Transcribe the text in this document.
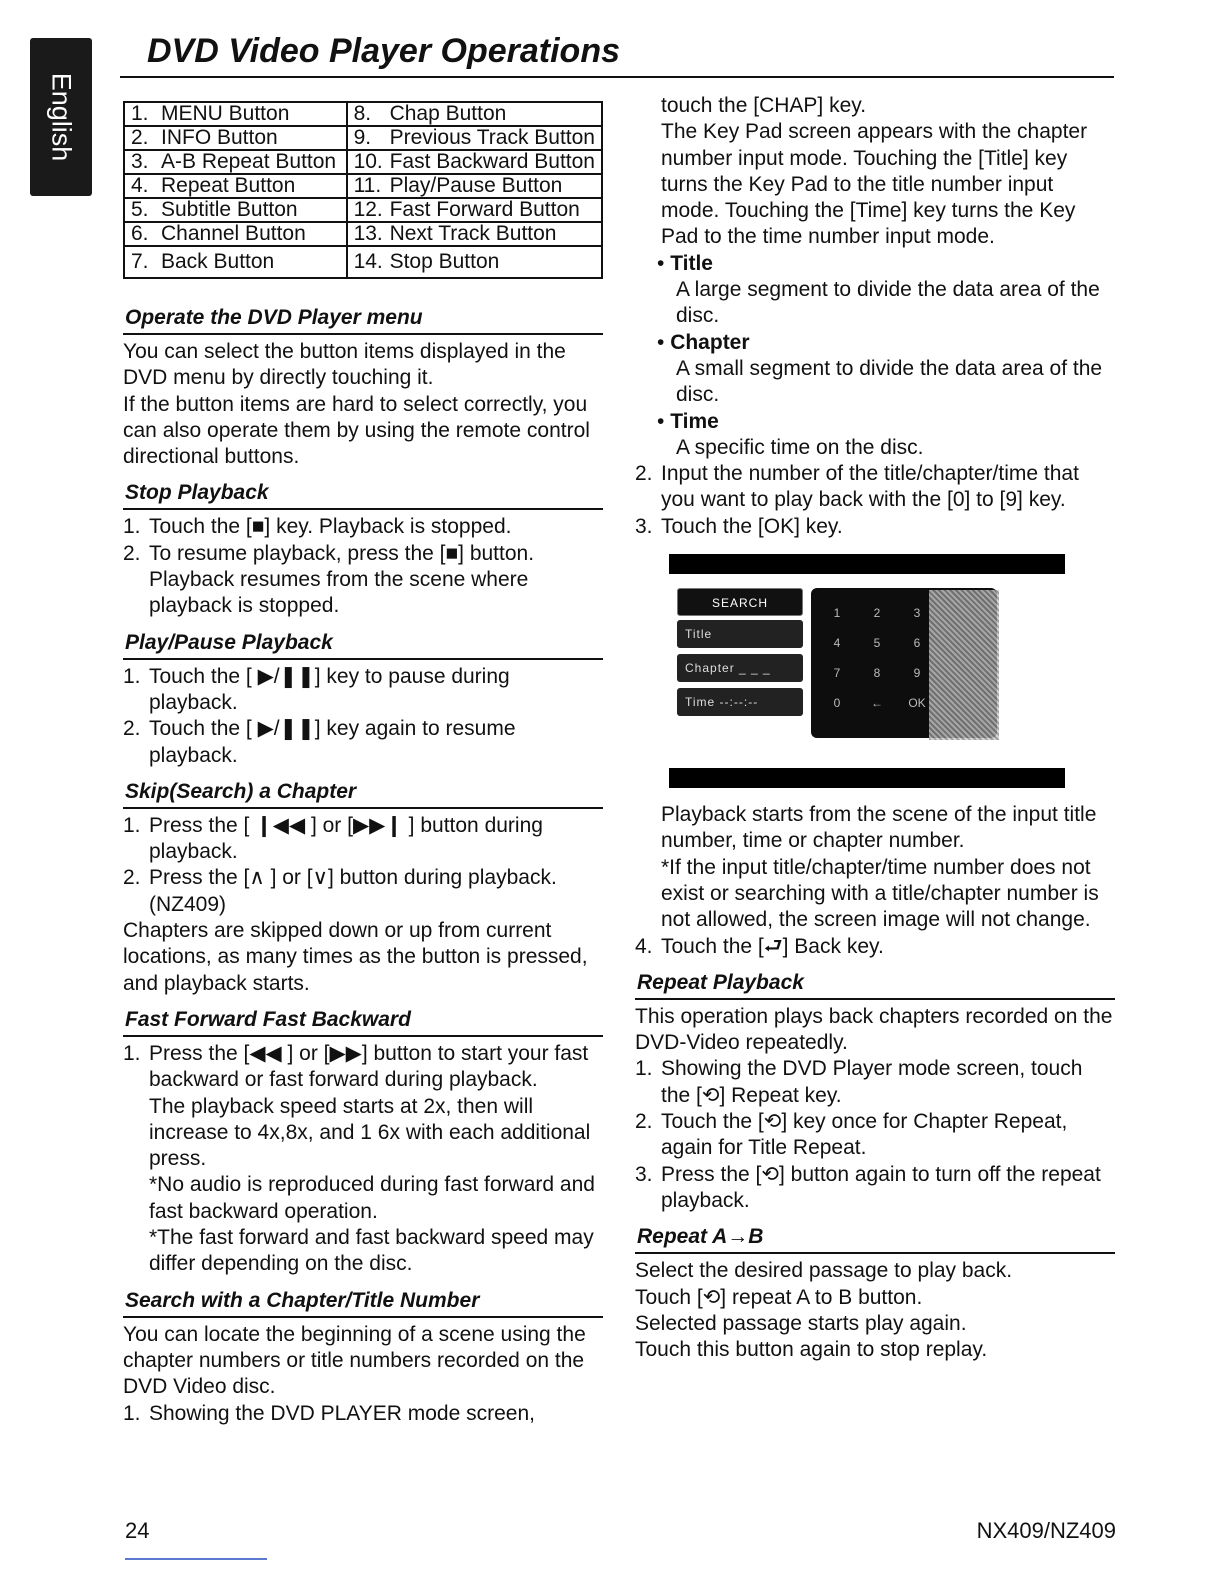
English
DVD Video Player Operations
1. MENU Button	8. Chap Button
2. INFO Button	9. Previous Track Button
3. A-B Repeat Button	10. Fast Backward Button
4. Repeat Button	11. Play/Pause Button
5. Subtitle Button	12. Fast Forward Button
6. Channel Button	13. Next Track Button
7. Back Button	14. Stop Button
Operate the DVD Player menu

You can select the button items displayed in the DVD menu by directly touching it.

If the button items are hard to select correctly, you can also operate them by using the remote control directional buttons.

Stop Playback
1. Touch the [■] key. Playback is stopped.
2. To resume playback, press the [■] button. Playback resumes from the scene where playback is stopped.
Play/Pause Playback
1. Touch the [ ▶/❚❚] key to pause during playback.
2. Touch the [ ▶/❚❚] key again to resume playback.
Skip(Search) a Chapter
1. Press the [ ❙◀◀ ] or [▶▶❙ ] button during playback.
2. Press the [∧ ] or [∨] button during playback. (NZ409)

Chapters are skipped down or up from current locations, as many times as the button is pressed, and playback starts.

Fast Forward Fast Backward
1. Press the [◀◀ ] or [▶▶] button to start your fast backward or fast forward during playback.

The playback speed starts at 2x, then will increase to 4x,8x, and 1 6x with each additional press.

*No audio is reproduced during fast forward and fast backward operation.

*The fast forward and fast backward speed may differ depending on the disc.

Search with a Chapter/Title Number

You can locate the beginning of a scene using the chapter numbers or title numbers recorded on the DVD Video disc.

1. Showing the DVD PLAYER mode screen,

touch the [CHAP] key.

The Key Pad screen appears with the chapter number input mode. Touching the [Title] key turns the Key Pad to the title number input mode. Touching the [Time] key turns the Key Pad to the time number input mode.

• Title

A large segment to divide the data area of the disc.

• Chapter

A small segment to divide the data area of the disc.

• Time

A specific time on the disc.

2. Input the number of the title/chapter/time that you want to play back with the [0] to [9] key.
3. Touch the [OK] key.
SEARCH
Title
Chapter _ _ _
Time --:--:--
1	2	3
4	5	6
7	8	9
0	←	OK

Playback starts from the scene of the input title number, time or chapter number.

*If the input title/chapter/time number does not exist or searching with a title/chapter number is not allowed, the screen image will not change.

4. Touch the [⮐] Back key.
Repeat Playback

This operation plays back chapters recorded on the DVD-Video repeatedly.

1. Showing the DVD Player mode screen, touch the [⟲] Repeat key.
2. Touch the [⟲] key once for Chapter Repeat, again for Title Repeat.
3. Press the [⟲] button again to turn off the repeat playback.
Repeat A→B

Select the desired passage to play back.

Touch [⟲] repeat A to B button.

Selected passage starts play again.

Touch this button again to stop replay.

24	NX409/NZ409
